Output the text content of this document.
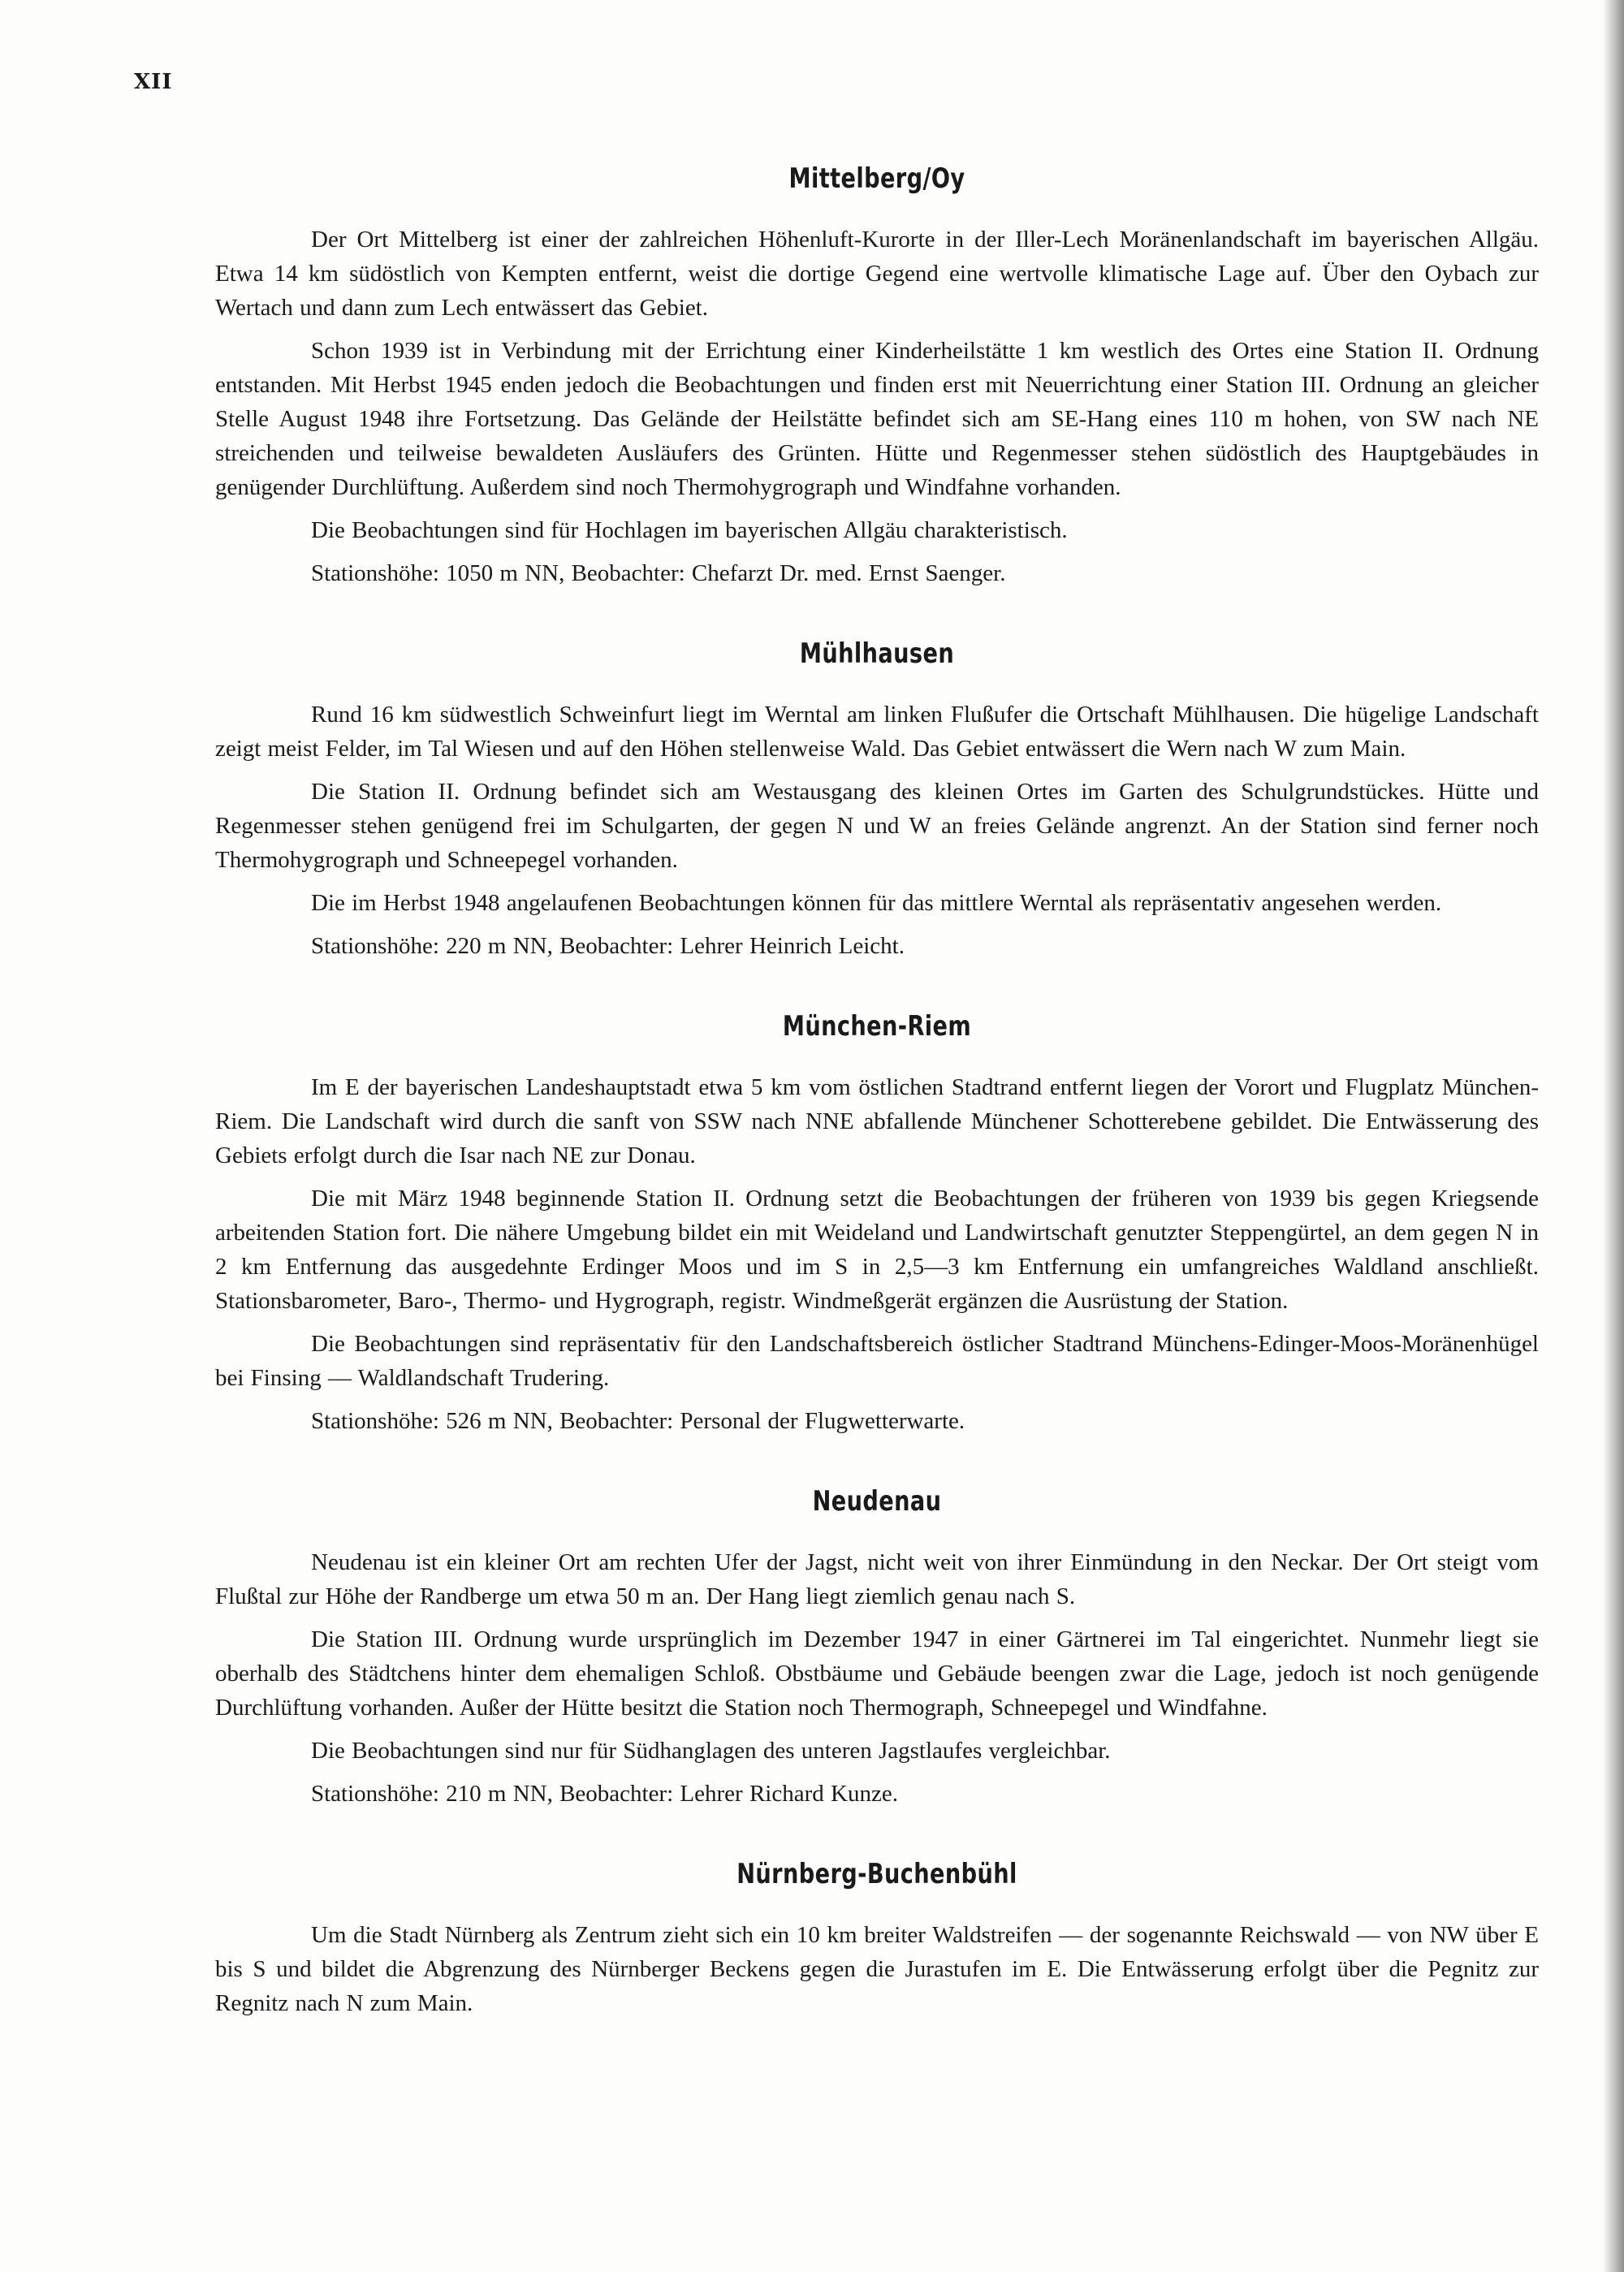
XII
Mittelberg/Oy

Der Ort Mittelberg ist einer der zahlreichen Höhenluft-Kurorte in der Iller-Lech Moränenlandschaft im bayerischen Allgäu. Etwa 14 km südöstlich von Kempten entfernt, weist die dortige Gegend eine wertvolle klimatische Lage auf. Über den Oybach zur Wertach und dann zum Lech entwässert das Gebiet.

Schon 1939 ist in Verbindung mit der Errichtung einer Kinderheilstätte 1 km westlich des Ortes eine Station II. Ordnung entstanden. Mit Herbst 1945 enden jedoch die Beobachtungen und finden erst mit Neuerrichtung einer Station III. Ordnung an gleicher Stelle August 1948 ihre Fortsetzung. Das Gelände der Heilstätte befindet sich am SE-Hang eines 110 m hohen, von SW nach NE streichenden und teilweise bewaldeten Ausläufers des Grünten. Hütte und Regenmesser stehen südöstlich des Hauptgebäudes in genügender Durchlüftung. Außerdem sind noch Thermohygrograph und Windfahne vorhanden.

Die Beobachtungen sind für Hochlagen im bayerischen Allgäu charakteristisch.

Stationshöhe: 1050 m NN, Beobachter: Chefarzt Dr. med. Ernst Saenger.

Mühlhausen

Rund 16 km südwestlich Schweinfurt liegt im Werntal am linken Flußufer die Ortschaft Mühlhausen. Die hügelige Landschaft zeigt meist Felder, im Tal Wiesen und auf den Höhen stellenweise Wald. Das Gebiet entwässert die Wern nach W zum Main.

Die Station II. Ordnung befindet sich am Westausgang des kleinen Ortes im Garten des Schulgrundstückes. Hütte und Regenmesser stehen genügend frei im Schulgarten, der gegen N und W an freies Gelände angrenzt. An der Station sind ferner noch Thermohygrograph und Schneepegel vorhanden.

Die im Herbst 1948 angelaufenen Beobachtungen können für das mittlere Werntal als repräsentativ angesehen werden.

Stationshöhe: 220 m NN, Beobachter: Lehrer Heinrich Leicht.

München-Riem

Im E der bayerischen Landeshauptstadt etwa 5 km vom östlichen Stadtrand entfernt liegen der Vorort und Flugplatz München-Riem. Die Landschaft wird durch die sanft von SSW nach NNE abfallende Münchener Schotterebene gebildet. Die Entwässerung des Gebiets erfolgt durch die Isar nach NE zur Donau.

Die mit März 1948 beginnende Station II. Ordnung setzt die Beobachtungen der früheren von 1939 bis gegen Kriegsende arbeitenden Station fort. Die nähere Umgebung bildet ein mit Weideland und Landwirtschaft genutzter Steppengürtel, an dem gegen N in 2 km Entfernung das ausgedehnte Erdinger Moos und im S in 2,5—3 km Entfernung ein umfangreiches Waldland anschließt. Stationsbarometer, Baro-, Thermo- und Hygrograph, registr. Windmeßgerät ergänzen die Ausrüstung der Station.

Die Beobachtungen sind repräsentativ für den Landschaftsbereich östlicher Stadtrand Münchens-Edinger-Moos-Moränenhügel bei Finsing — Waldlandschaft Trudering.

Stationshöhe: 526 m NN, Beobachter: Personal der Flugwetterwarte.

Neudenau

Neudenau ist ein kleiner Ort am rechten Ufer der Jagst, nicht weit von ihrer Einmündung in den Neckar. Der Ort steigt vom Flußtal zur Höhe der Randberge um etwa 50 m an. Der Hang liegt ziemlich genau nach S.

Die Station III. Ordnung wurde ursprünglich im Dezember 1947 in einer Gärtnerei im Tal eingerichtet. Nunmehr liegt sie oberhalb des Städtchens hinter dem ehemaligen Schloß. Obstbäume und Gebäude beengen zwar die Lage, jedoch ist noch genügende Durchlüftung vorhanden. Außer der Hütte besitzt die Station noch Thermograph, Schneepegel und Windfahne.

Die Beobachtungen sind nur für Südhanglagen des unteren Jagstlaufes vergleichbar.

Stationshöhe: 210 m NN, Beobachter: Lehrer Richard Kunze.

Nürnberg-Buchenbühl

Um die Stadt Nürnberg als Zentrum zieht sich ein 10 km breiter Waldstreifen — der sogenannte Reichswald — von NW über E bis S und bildet die Abgrenzung des Nürnberger Beckens gegen die Jurastufen im E. Die Entwässerung erfolgt über die Pegnitz zur Regnitz nach N zum Main.
